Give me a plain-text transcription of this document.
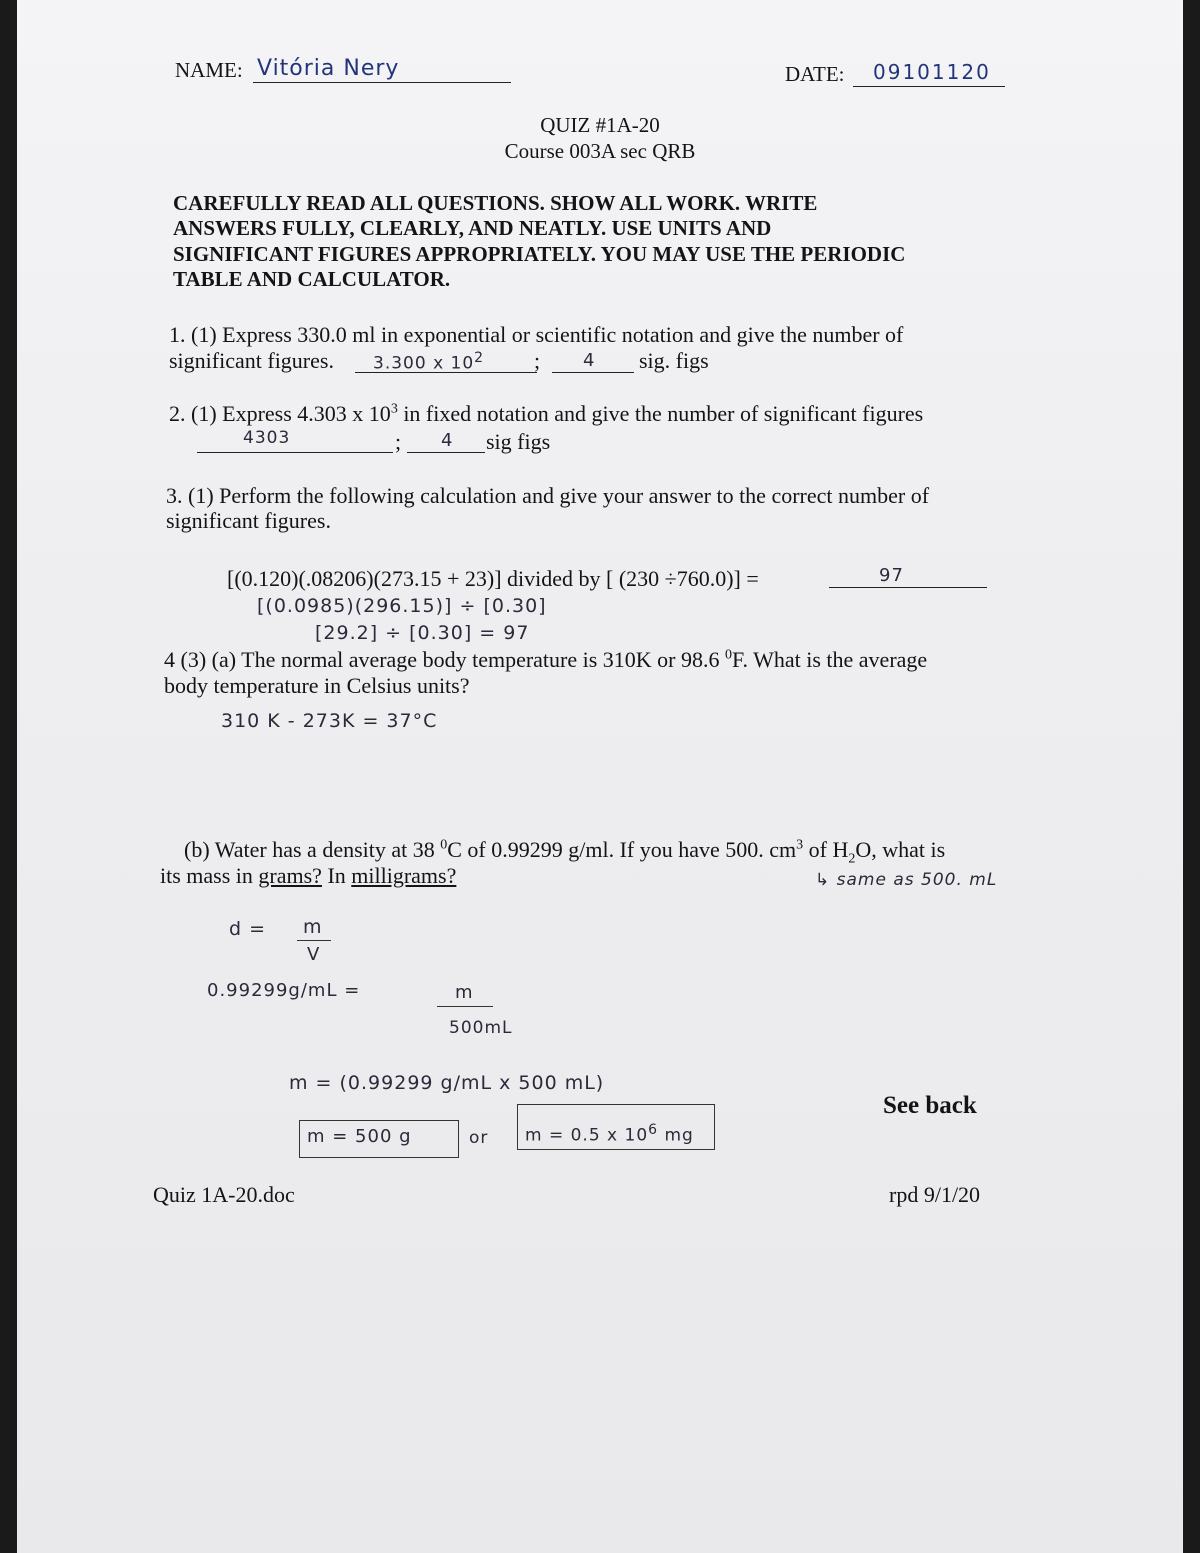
NAME: Vitória Nery	DATE: 09101120
QUIZ #1A-20
Course 003A sec QRB
CAREFULLY READ ALL QUESTIONS. SHOW ALL WORK. WRITE
ANSWERS FULLY, CLEARLY, AND NEATLY. USE UNITS AND
SIGNIFICANT FIGURES APPROPRIATELY. YOU MAY USE THE PERIODIC
TABLE AND CALCULATOR.
1. (1) Express 330.0 ml in exponential or scientific notation and give the number of
significant figures. 3.300 x $10^2$ ; 4 sig. figs
2. (1) Express 4.303 x $10^3$ in fixed notation and give the number of significant figures
4303	; 4 sig figs
3. (1) Perform the following calculation and give your answer to the correct number of
significant figures.
[(0.120)(.08206)(273.15 + 23)] divided by [ (230 ÷760.0)] =	97
[(0.0985)(296.15)] ÷ [0.30]
[29.2] ÷ [0.30] = 97
4 (3) (a) The normal average body temperature is 310K or 98.6 $^0$F. What is the average
body temperature in Celsius units?
310 K - 273K = 37°C
(b) Water has a density at 38 $^0$C of 0.99299 g/ml. If you have 500. $cm^3$ of $H_2O$, what is
its mass in grams? In milligrams?	↳ same as 500. mL
d = m
V
0.99299g/mL =	m
500mL
m = (0.99299 g/mL x 500 mL)
m = 500 g	or m = 0.5 x $10^6$ mg
See back
Quiz 1A-20.doc	rpd 9/1/20
